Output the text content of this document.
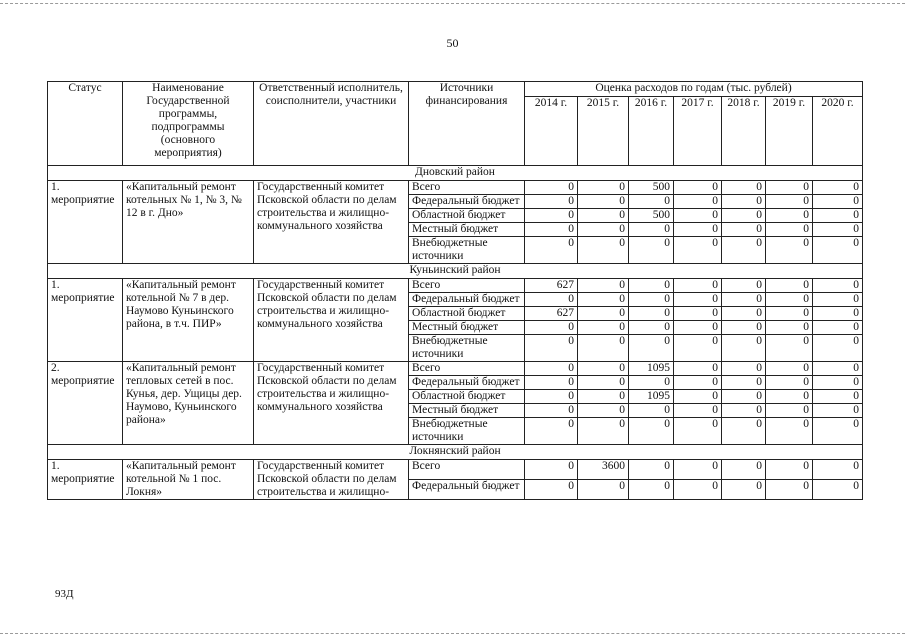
50
Статус	Наименование Государственной программы, подпрограммы (основного мероприятия)	Ответственный исполнитель, соисполнители, участники	Источники финансирования	Оценка расходов по годам (тыс. рублей)						
				2014 г.	2015 г.	2016 г.	2017 г.	2018 г.	2019 г.	2020 г.
Дновский район										
1. мероприятие	«Капитальный ремонт котельных № 1, № 3, № 12 в г. Дно»	Государственный комитет Псковской области по делам строительства и жилищно-коммунального хозяйства	Всего	0	0	500	0	0	0	0
			Федеральный бюджет	0	0	0	0	0	0	0
			Областной бюджет	0	0	500	0	0	0	0
			Местный бюджет	0	0	0	0	0	0	0
			Внебюджетные источники	0	0	0	0	0	0	0
Куньинский район										
1. мероприятие	«Капитальный ремонт котельной № 7 в дер. Наумово Куньинского района, в т.ч. ПИР»	Государственный комитет Псковской области по делам строительства и жилищно-коммунального хозяйства	Всего	627	0	0	0	0	0	0
			Федеральный бюджет	0	0	0	0	0	0	0
			Областной бюджет	627	0	0	0	0	0	0
			Местный бюджет	0	0	0	0	0	0	0
			Внебюджетные источники	0	0	0	0	0	0	0
2. мероприятие	«Капитальный ремонт тепловых сетей в пос. Кунья, дер. Ущицы дер. Наумово, Куньинского района»	Государственный комитет Псковской области по делам строительства и жилищно-коммунального хозяйства	Всего	0	0	1095	0	0	0	0
			Федеральный бюджет	0	0	0	0	0	0	0
			Областной бюджет	0	0	1095	0	0	0	0
			Местный бюджет	0	0	0	0	0	0	0
			Внебюджетные источники	0	0	0	0	0	0	0
Локнянский район										
1. мероприятие	«Капитальный ремонт котельной № 1 пос. Локня»	Государственный комитет Псковской области по делам строительства и жилищно-	Всего	0	3600	0	0	0	0	0
			Федеральный бюджет	0	0	0	0	0	0	0
93Д
